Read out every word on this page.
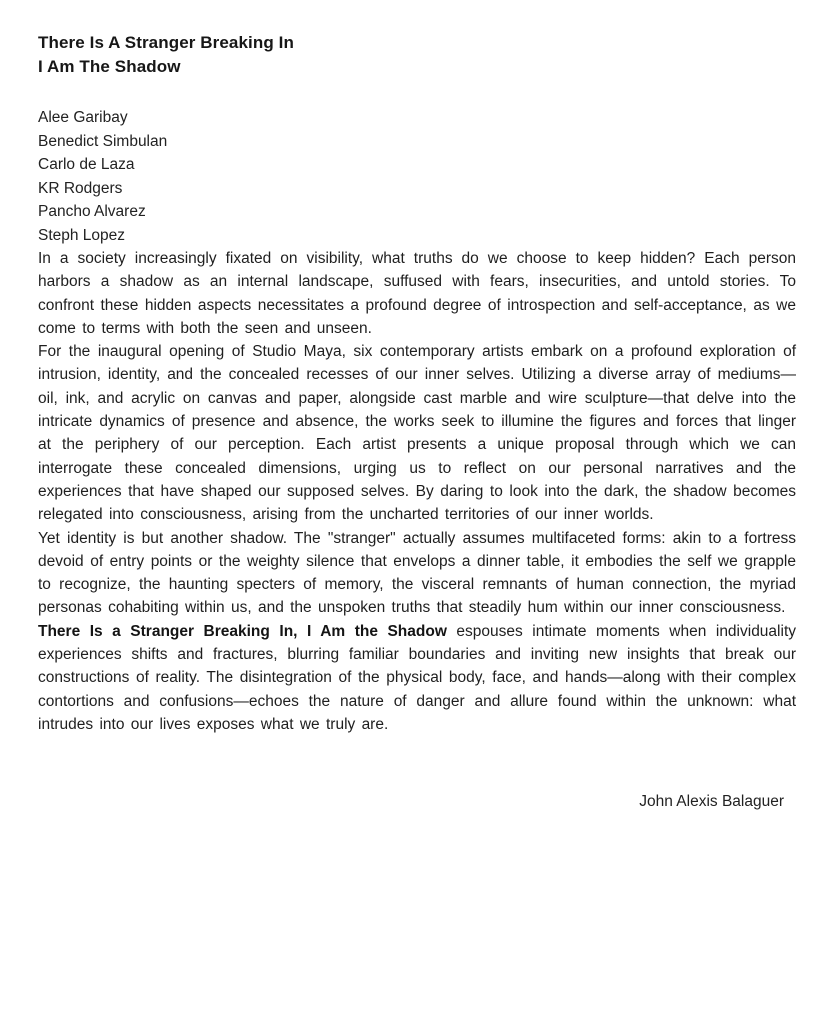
There Is A Stranger Breaking In
I Am The Shadow
Alee Garibay
Benedict Simbulan
Carlo de Laza
KR Rodgers
Pancho Alvarez
Steph Lopez

In a society increasingly fixated on visibility, what truths do we choose to keep hidden? Each person harbors a shadow as an internal landscape, suffused with fears, insecurities, and untold stories. To confront these hidden aspects necessitates a profound degree of introspection and self-acceptance, as we come to terms with both the seen and unseen.

For the inaugural opening of Studio Maya, six contemporary artists embark on a profound exploration of intrusion, identity, and the concealed recesses of our inner selves. Utilizing a diverse array of mediums—oil, ink, and acrylic on canvas and paper, alongside cast marble and wire sculpture—that delve into the intricate dynamics of presence and absence, the works seek to illumine the figures and forces that linger at the periphery of our perception. Each artist presents a unique proposal through which we can interrogate these concealed dimensions, urging us to reflect on our personal narratives and the experiences that have shaped our supposed selves. By daring to look into the dark, the shadow becomes relegated into consciousness, arising from the uncharted territories of our inner worlds.

Yet identity is but another shadow. The "stranger" actually assumes multifaceted forms: akin to a fortress devoid of entry points or the weighty silence that envelops a dinner table, it embodies the self we grapple to recognize, the haunting specters of memory, the visceral remnants of human connection, the myriad personas cohabiting within us, and the unspoken truths that steadily hum within our inner consciousness.

There Is a Stranger Breaking In, I Am the Shadow espouses intimate moments when individuality experiences shifts and fractures, blurring familiar boundaries and inviting new insights that break our constructions of reality. The disintegration of the physical body, face, and hands—along with their complex contortions and confusions—echoes the nature of danger and allure found within the unknown: what intrudes into our lives exposes what we truly are.

John Alexis Balaguer
